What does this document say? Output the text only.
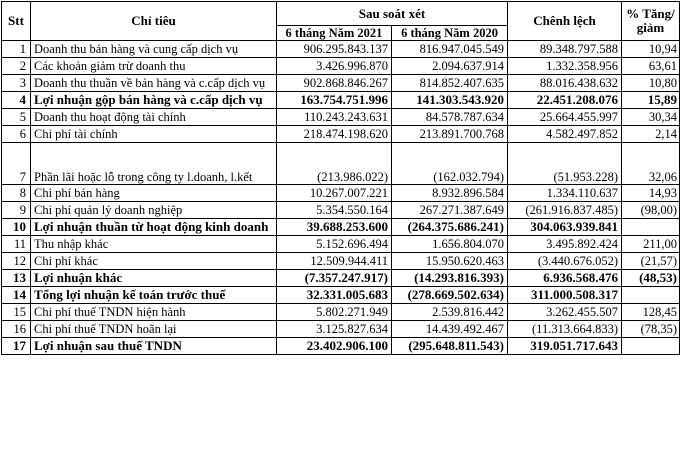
Stt	Chỉ tiêu	Sau soát xét		Chênh lệch	% Tăng/
giảm
		6 tháng Năm 2021	6 tháng Năm 2020		
1	Doanh thu bán hàng và cung cấp dịch vụ	906.295.843.137	816.947.045.549	89.348.797.588	10,94
2	Các khoản giảm trừ doanh thu	3.426.996.870	2.094.637.914	1.332.358.956	63,61
3	Doanh thu thuần về bán hàng và c.cấp dịch vụ	902.868.846.267	814.852.407.635	88.016.438.632	10,80
4	Lợi nhuận gộp bán hàng và c.cấp dịch vụ	163.754.751.996	141.303.543.920	22.451.208.076	15,89
5	Doanh thu hoạt động tài chính	110.243.243.631	84.578.787.634	25.664.455.997	30,34
6	Chi phí tài chính	218.474.198.620	213.891.700.768	4.582.497.852	2,14
7	Phần lãi hoặc lỗ trong công ty l.doanh, l.kết	(213.986.022)	(162.032.794)	(51.953.228)	32,06
8	Chi phí bán hàng	10.267.007.221	8.932.896.584	1.334.110.637	14,93
9	Chi phí quản lý doanh nghiệp	5.354.550.164	267.271.387.649	(261.916.837.485)	(98,00)
10	Lợi nhuận thuần từ hoạt động kinh doanh	39.688.253.600	(264.375.686.241)	304.063.939.841	
11	Thu nhập khác	5.152.696.494	1.656.804.070	3.495.892.424	211,00
12	Chi phí khác	12.509.944.411	15.950.620.463	(3.440.676.052)	(21,57)
13	Lợi nhuận khác	(7.357.247.917)	(14.293.816.393)	6.936.568.476	(48,53)
14	Tổng lợi nhuận kế toán trước thuế	32.331.005.683	(278.669.502.634)	311.000.508.317	
15	Chi phí thuế TNDN hiện hành	5.802.271.949	2.539.816.442	3.262.455.507	128,45
16	Chi phí thuế TNDN hoãn lại	3.125.827.634	14.439.492.467	(11.313.664.833)	(78,35)
17	Lợi nhuận sau thuế TNDN	23.402.906.100	(295.648.811.543)	319.051.717.643	
